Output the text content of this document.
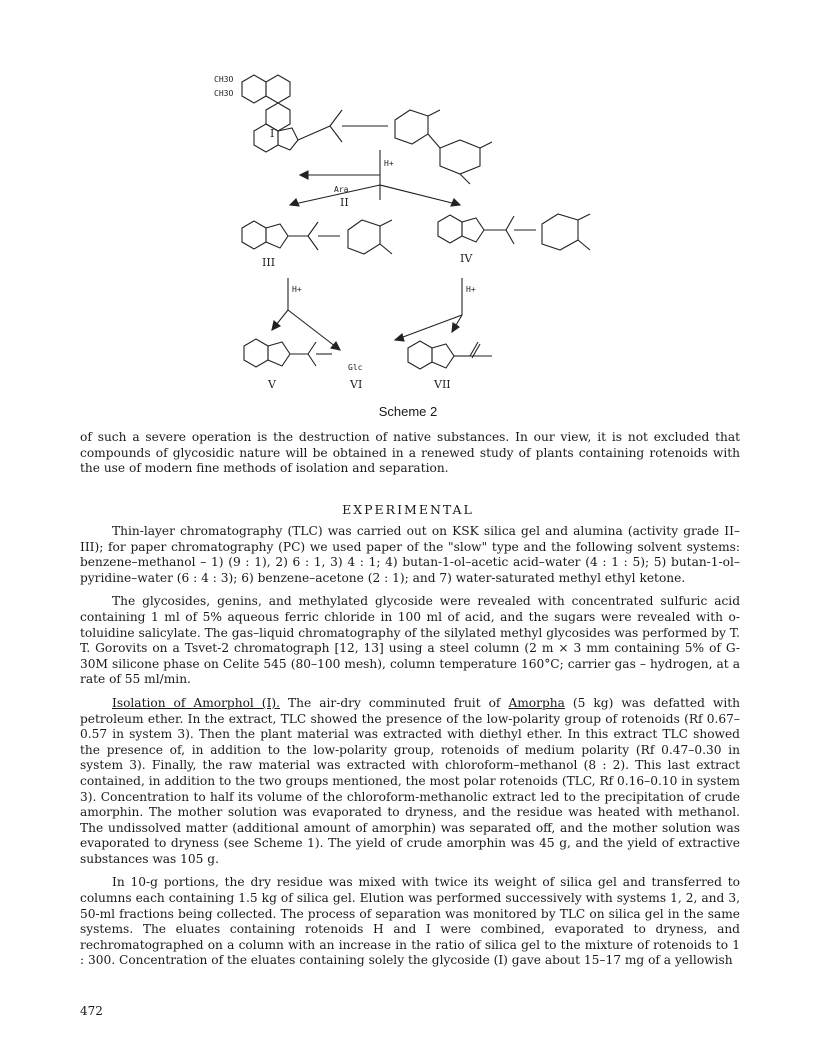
CH3O
CH3O
I
Ara
II
H+
III	IV
H+	H+
V
Glc
VI	VII
Scheme 2

of such a severe operation is the destruction of native substances. In our view, it is not excluded that compounds of glycosidic nature will be obtained in a renewed study of plants containing rotenoids with the use of modern fine methods of isolation and separation.

EXPERIMENTAL

Thin-layer chromatography (TLC) was carried out on KSK silica gel and alumina (activity grade II–III); for paper chromatography (PC) we used paper of the "slow" type and the following solvent systems: benzene–methanol – 1) (9 : 1), 2) 6 : 1, 3) 4 : 1; 4) butan-1-ol–acetic acid–water (4 : 1 : 5); 5) butan-1-ol–pyridine–water (6 : 4 : 3); 6) benzene–acetone (2 : 1); and 7) water-saturated methyl ethyl ketone.

The glycosides, genins, and methylated glycoside were revealed with concentrated sulfuric acid containing 1 ml of 5% aqueous ferric chloride in 100 ml of acid, and the sugars were revealed with o-toluidine salicylate. The gas–liquid chromatography of the silylated methyl glycosides was performed by T. T. Gorovits on a Tsvet-2 chromatograph [12, 13] using a steel column (2 m × 3 mm containing 5% of G-30M silicone phase on Celite 545 (80–100 mesh), column temperature 160°C; carrier gas – hydrogen, at a rate of 55 ml/min.

Isolation of Amorphol (I). The air-dry comminuted fruit of Amorpha (5 kg) was defatted with petroleum ether. In the extract, TLC showed the presence of the low-polarity group of rotenoids (Rf 0.67–0.57 in system 3). Then the plant material was extracted with diethyl ether. In this extract TLC showed the presence of, in addition to the low-polarity group, rotenoids of medium polarity (Rf 0.47–0.30 in system 3). Finally, the raw material was extracted with chloroform–methanol (8 : 2). This last extract contained, in addition to the two groups mentioned, the most polar rotenoids (TLC, Rf 0.16–0.10 in system 3). Concentration to half its volume of the chloroform-methanolic extract led to the precipitation of crude amorphin. The mother solution was evaporated to dryness, and the residue was heated with methanol. The undissolved matter (additional amount of amorphin) was separated off, and the mother solution was evaporated to dryness (see Scheme 1). The yield of crude amorphin was 45 g, and the yield of extractive substances was 105 g.

In 10-g portions, the dry residue was mixed with twice its weight of silica gel and transferred to columns each containing 1.5 kg of silica gel. Elution was performed successively with systems 1, 2, and 3, 50-ml fractions being collected. The process of separation was monitored by TLC on silica gel in the same systems. The eluates containing rotenoids H and I were combined, evaporated to dryness, and rechromatographed on a column with an increase in the ratio of silica gel to the mixture of rotenoids to 1 : 300. Concentration of the eluates containing solely the glycoside (I) gave about 15–17 mg of a yellowish

472
